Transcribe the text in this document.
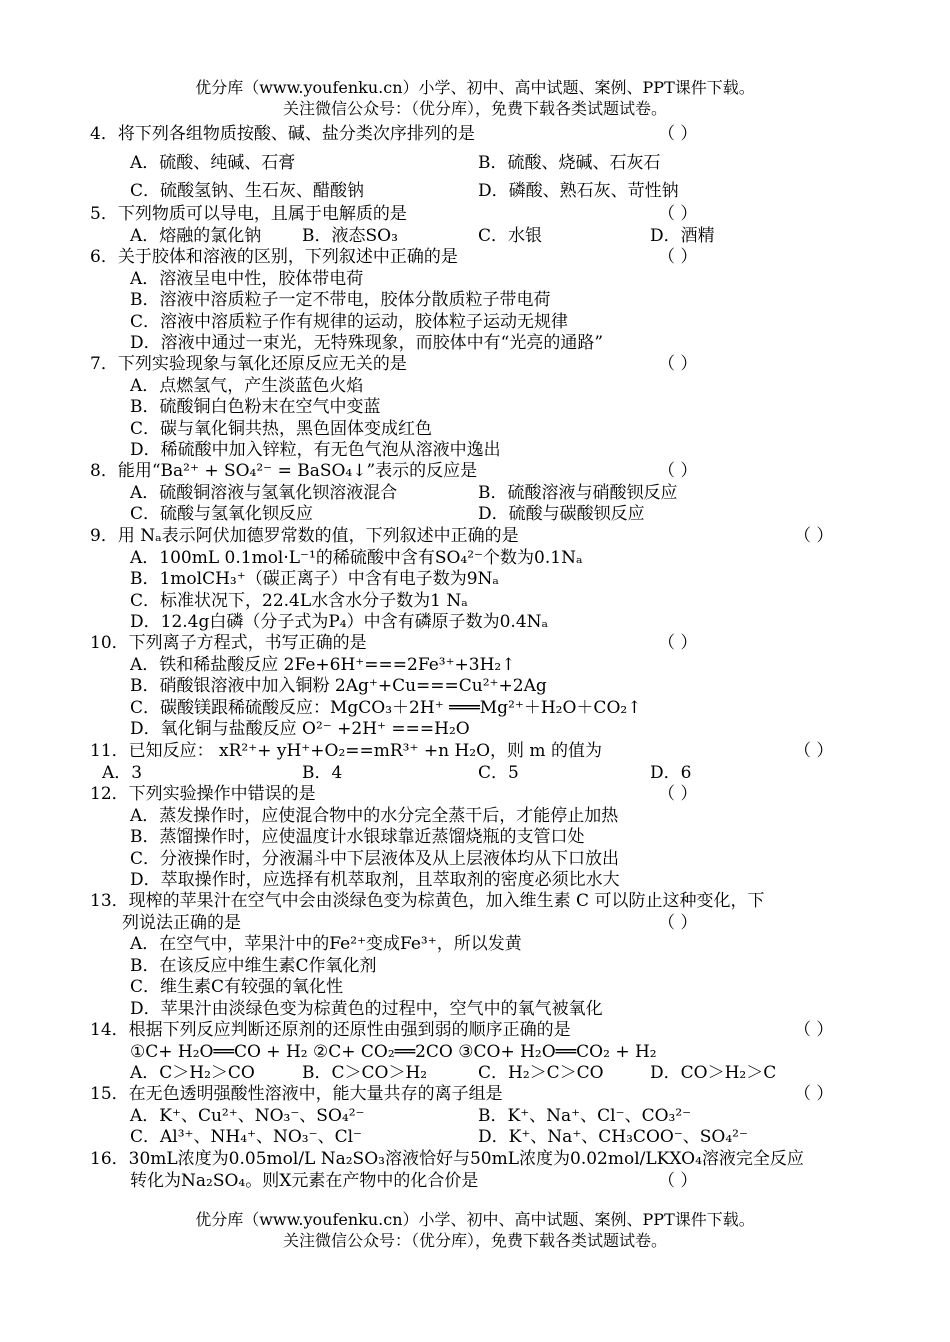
优分库（www.youfenku.cn）小学、初中、高中试题、案例、PPT课件下载。
关注微信公众号：（优分库），免费下载各类试题试卷。
4．将下列各组物质按酸、碱、盐分类次序排列的是	（ ）
A．硫酸、纯碱、石膏	B．硫酸、烧碱、石灰石
C．硫酸氢钠、生石灰、醋酸钠	D．磷酸、熟石灰、苛性钠
5．下列物质可以导电，且属于电解质的是	（ ）
A．熔融的氯化钠 B．液态SO₃	C．水银	D．酒精
6．关于胶体和溶液的区别，下列叙述中正确的是	（ ）
A．溶液呈电中性，胶体带电荷
B．溶液中溶质粒子一定不带电，胶体分散质粒子带电荷
C．溶液中溶质粒子作有规律的运动，胶体粒子运动无规律
D．溶液中通过一束光，无特殊现象，而胶体中有“光亮的通路”
7．下列实验现象与氧化还原反应无关的是	（ ）
A．点燃氢气，产生淡蓝色火焰
B．硫酸铜白色粉末在空气中变蓝
C．碳与氧化铜共热，黑色固体变成红色
D．稀硫酸中加入锌粒，有无色气泡从溶液中逸出
8．能用“Ba²⁺ + SO₄²⁻ = BaSO₄↓”表示的反应是	（ ）
A．硫酸铜溶液与氢氧化钡溶液混合	B．硫酸溶液与硝酸钡反应
C．硫酸与氢氧化钡反应	D．硫酸与碳酸钡反应
9．用 Nₐ表示阿伏加德罗常数的值，下列叙述中正确的是	（ ）
A．100mL 0.1mol·L⁻¹的稀硫酸中含有SO₄²⁻个数为0.1Nₐ
B．1molCH₃⁺（碳正离子）中含有电子数为9Nₐ
C．标准状况下，22.4L水含水分子数为1 Nₐ
D．12.4g白磷（分子式为P₄）中含有磷原子数为0.4Nₐ
10．下列离子方程式，书写正确的是	（ ）
A．铁和稀盐酸反应 2Fe+6H⁺===2Fe³⁺+3H₂↑
B．硝酸银溶液中加入铜粉 2Ag⁺+Cu===Cu²⁺+2Ag
C．碳酸镁跟稀硫酸反应：MgCO₃＋2H⁺ ═══Mg²⁺＋H₂O＋CO₂↑
D．氧化铜与盐酸反应 O²⁻ +2H⁺ ===H₂O
11．已知反应： xR²⁺+ yH⁺+O₂==mR³⁺ +n H₂O，则 m 的值为	（ ）
A．3	B．4	C．5	D．6
12．下列实验操作中错误的是	（ ）
A．蒸发操作时，应使混合物中的水分完全蒸干后，才能停止加热
B．蒸馏操作时，应使温度计水银球靠近蒸馏烧瓶的支管口处
C．分液操作时，分液漏斗中下层液体及从上层液体均从下口放出
D．萃取操作时，应选择有机萃取剂，且萃取剂的密度必须比水大
13．现榨的苹果汁在空气中会由淡绿色变为棕黄色，加入维生素 C 可以防止这种变化，下
列说法正确的是	（ ）
A．在空气中，苹果汁中的Fe²⁺变成Fe³⁺，所以发黄
B．在该反应中维生素C作氧化剂
C．维生素C有较强的氧化性
D．苹果汁由淡绿色变为棕黄色的过程中，空气中的氧气被氧化
14．根据下列反应判断还原剂的还原性由强到弱的顺序正确的是	（ ）
①C+ H₂O══CO + H₂ ②C+ CO₂══2CO ③CO+ H₂O══CO₂ + H₂
A．C＞H₂＞CO	B．C＞CO＞H₂	C．H₂＞C＞CO	D．CO＞H₂＞C
15．在无色透明强酸性溶液中，能大量共存的离子组是	（ ）
A．K⁺、Cu²⁺、NO₃⁻、SO₄²⁻	B．K⁺、Na⁺、Cl⁻、CO₃²⁻
C．Al³⁺、NH₄⁺、NO₃⁻、Cl⁻	D．K⁺、Na⁺、CH₃COO⁻、SO₄²⁻
16．30mL浓度为0.05mol/L Na₂SO₃溶液恰好与50mL浓度为0.02mol/LKXO₄溶液完全反应
转化为Na₂SO₄。则X元素在产物中的化合价是	（ ）
优分库（www.youfenku.cn）小学、初中、高中试题、案例、PPT课件下载。
关注微信公众号：（优分库），免费下载各类试题试卷。
